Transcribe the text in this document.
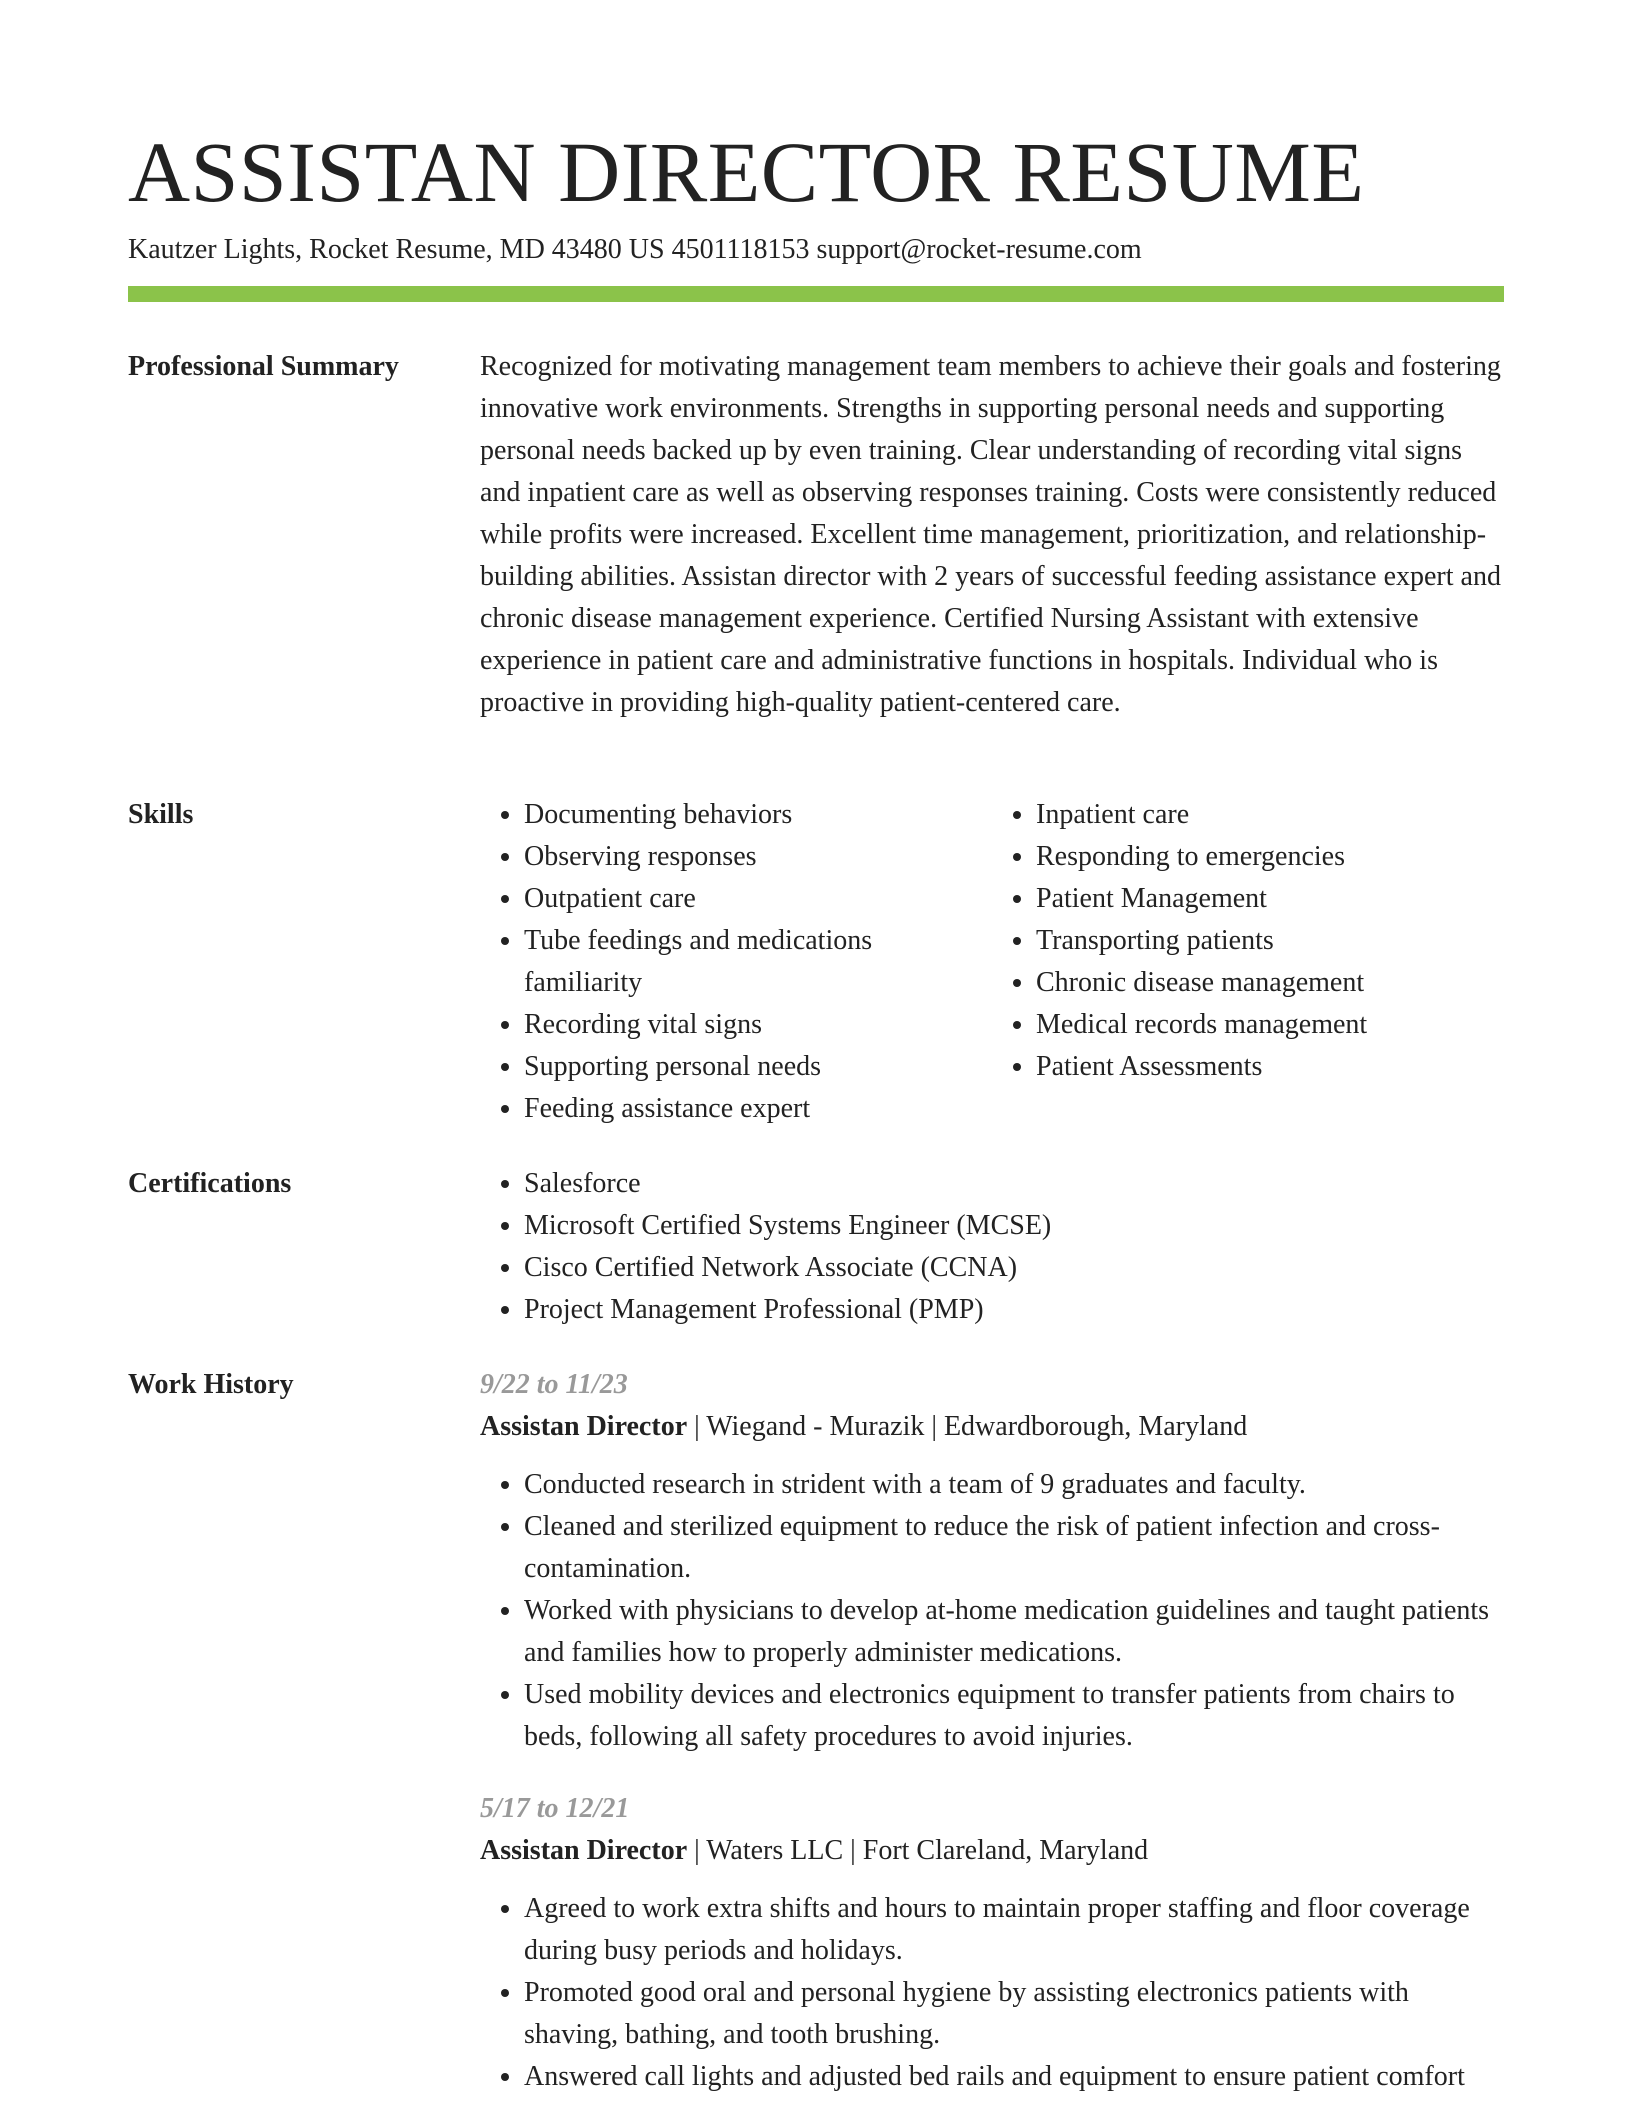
ASSISTAN DIRECTOR RESUME
Kautzer Lights, Rocket Resume, MD 43480 US 4501118153 support@rocket-resume.com
Professional Summary	Recognized for motivating management team members to achieve their goals and fostering innovative work environments. Strengths in supporting personal needs and supporting personal needs backed up by even training. Clear understanding of recording vital signs and inpatient care as well as observing responses training. Costs were consistently reduced while profits were increased. Excellent time management, prioritization, and relationship-building abilities. Assistan director with 2 years of successful feeding assistance expert and chronic disease management experience. Certified Nursing Assistant with extensive experience in patient care and administrative functions in hospitals. Individual who is proactive in providing high-quality patient-centered care.

Skills	• Documenting behaviors
• Observing responses
• Outpatient care
• Tube feedings and medications familiarity
• Recording vital signs
• Supporting personal needs
• Feeding assistance expert
• Inpatient care
• Responding to emergencies
• Patient Management
• Transporting patients
• Chronic disease management
• Medical records management
• Patient Assessments
Certifications	• Salesforce
• Microsoft Certified Systems Engineer (MCSE)
• Cisco Certified Network Associate (CCNA)
• Project Management Professional (PMP)
Work History	9/22 to 11/23
Assistan Director | Wiegand - Murazik | Edwardborough, Maryland
• Conducted research in strident with a team of 9 graduates and faculty.
• Cleaned and sterilized equipment to reduce the risk of patient infection and cross-contamination.
• Worked with physicians to develop at-home medication guidelines and taught patients and families how to properly administer medications.
• Used mobility devices and electronics equipment to transfer patients from chairs to beds, following all safety procedures to avoid injuries.
5/17 to 12/21
Assistan Director | Waters LLC | Fort Clareland, Maryland
• Agreed to work extra shifts and hours to maintain proper staffing and floor coverage during busy periods and holidays.
• Promoted good oral and personal hygiene by assisting electronics patients with shaving, bathing, and tooth brushing.
• Answered call lights and adjusted bed rails and equipment to ensure patient comfort
